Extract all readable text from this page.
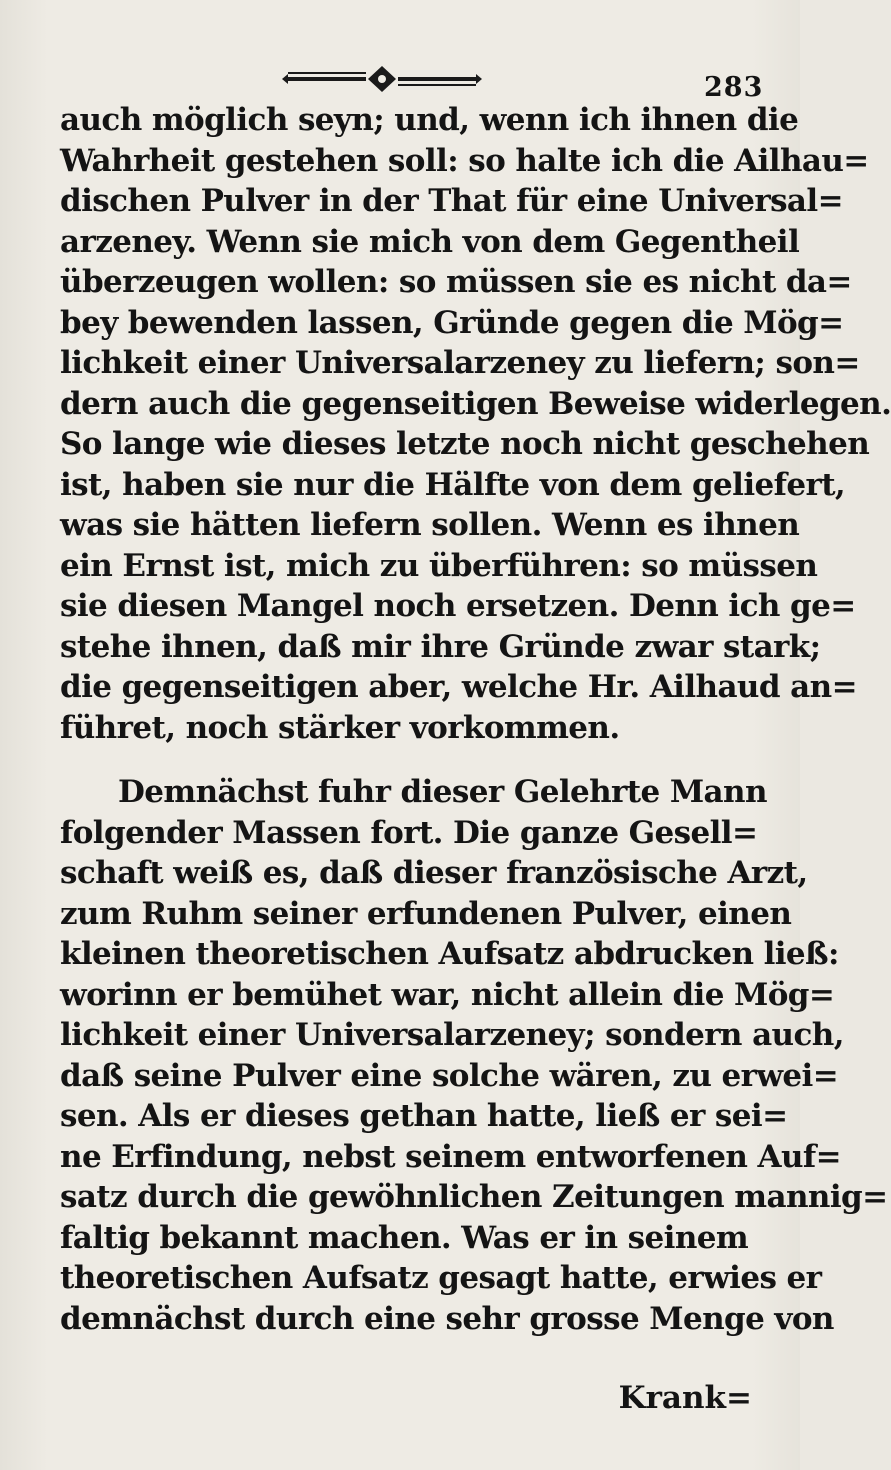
283
auch möglich seyn; und, wenn ich ihnen die
Wahrheit gestehen soll: so halte ich die Ailhau=
dischen Pulver in der That für eine Universal=
arzeney. Wenn sie mich von dem Gegentheil
überzeugen wollen: so müssen sie es nicht da=
bey bewenden lassen, Gründe gegen die Mög=
lichkeit einer Universalarzeney zu liefern; son=
dern auch die gegenseitigen Beweise widerlegen.
So lange wie dieses letzte noch nicht geschehen
ist, haben sie nur die Hälfte von dem geliefert,
was sie hätten liefern sollen. Wenn es ihnen
ein Ernst ist, mich zu überführen: so müssen
sie diesen Mangel noch ersetzen. Denn ich ge=
stehe ihnen, daß mir ihre Gründe zwar stark;
die gegenseitigen aber, welche Hr. Ailhaud an=
führet, noch stärker vorkommen.
Demnächst fuhr dieser Gelehrte Mann
folgender Massen fort. Die ganze Gesell=
schaft weiß es, daß dieser französische Arzt,
zum Ruhm seiner erfundenen Pulver, einen
kleinen theoretischen Aufsatz abdrucken ließ:
worinn er bemühet war, nicht allein die Mög=
lichkeit einer Universalarzeney; sondern auch,
daß seine Pulver eine solche wären, zu erwei=
sen. Als er dieses gethan hatte, ließ er sei=
ne Erfindung, nebst seinem entworfenen Auf=
satz durch die gewöhnlichen Zeitungen mannig=
faltig bekannt machen. Was er in seinem
theoretischen Aufsatz gesagt hatte, erwies er
demnächst durch eine sehr grosse Menge von
Krank=
